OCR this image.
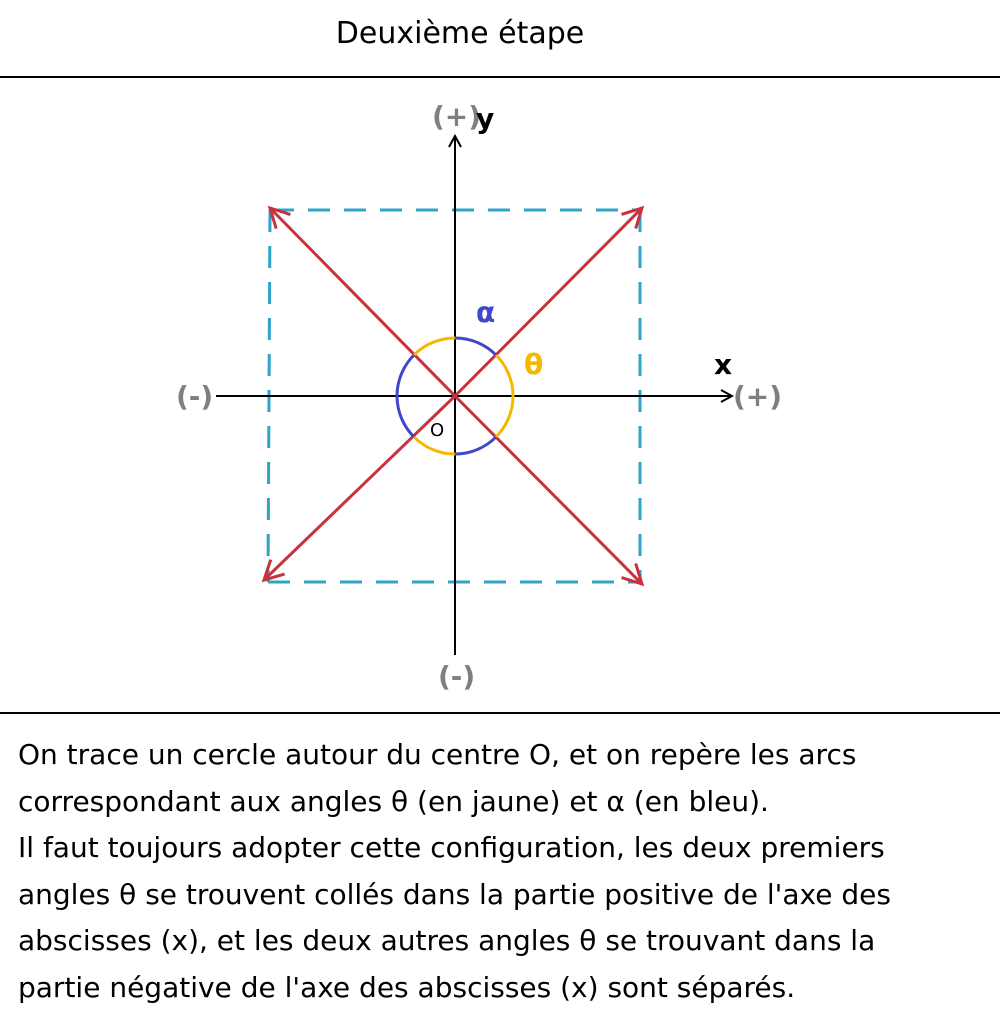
Deuxième étape
(+)
y
(-)
x
(+)
(-)
O
α
θ

On trace un cercle autour du centre O, et on repère les arcs

correspondant aux angles θ (en jaune) et α (en bleu).

Il faut toujours adopter cette configuration, les deux premiers

angles θ se trouvent collés dans la partie positive de l'axe des

abscisses (x), et les deux autres angles θ se trouvant dans la

partie négative de l'axe des abscisses (x) sont séparés.
